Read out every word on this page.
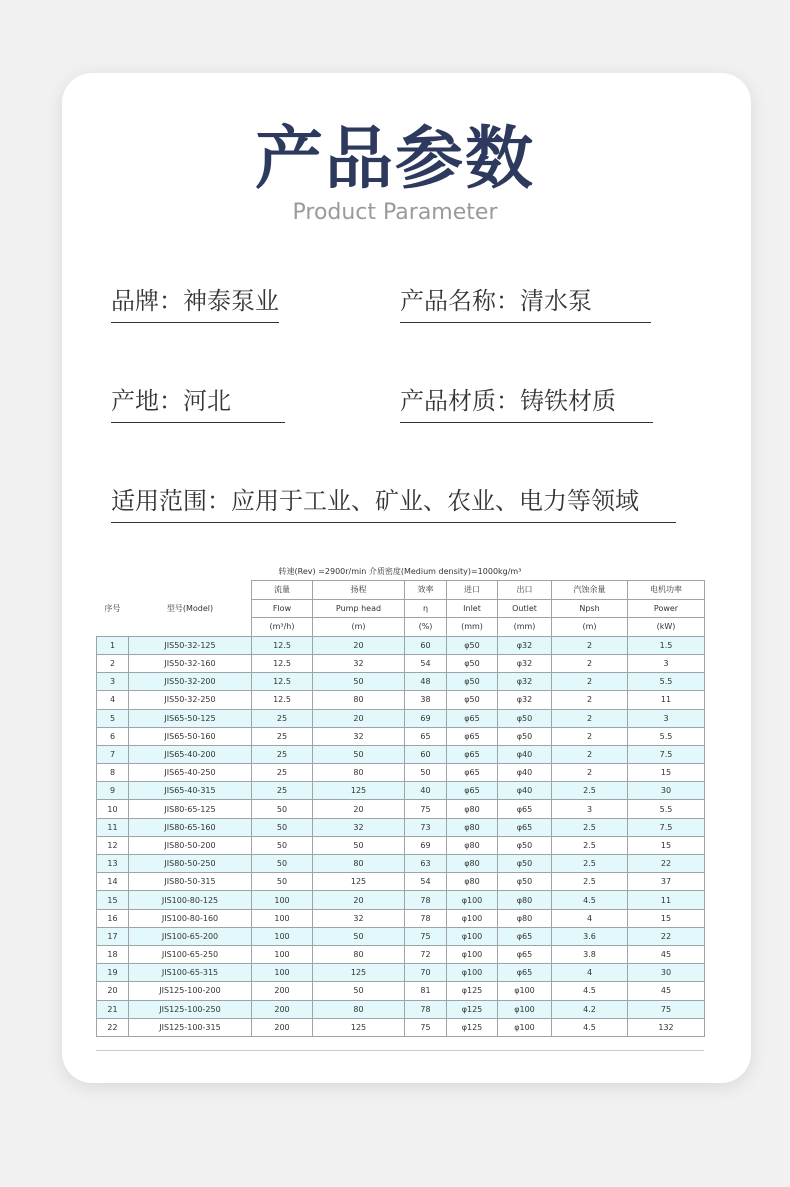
产品参数
Product Parameter
品牌：神泰泵业	产品名称：清水泵
产地：河北	产品材质：铸铁材质
适用范围：应用于工业、矿业、农业、电力等领域
转速(Rev) =2900r/min 介质密度(Medium density)=1000kg/m³
序号	型号(Model)	流量	扬程	效率	进口	出口	汽蚀余量	电机功率
		Flow	Pump head	η	Inlet	Outlet	Npsh	Power
		(m³/h)	(m)	(%)	(mm)	(mm)	(m)	(kW)
1	JIS50-32-125	12.5	20	60	φ50	φ32	2	1.5
2	JIS50-32-160	12.5	32	54	φ50	φ32	2	3
3	JIS50-32-200	12.5	50	48	φ50	φ32	2	5.5
4	JIS50-32-250	12.5	80	38	φ50	φ32	2	11
5	JIS65-50-125	25	20	69	φ65	φ50	2	3
6	JIS65-50-160	25	32	65	φ65	φ50	2	5.5
7	JIS65-40-200	25	50	60	φ65	φ40	2	7.5
8	JIS65-40-250	25	80	50	φ65	φ40	2	15
9	JIS65-40-315	25	125	40	φ65	φ40	2.5	30
10	JIS80-65-125	50	20	75	φ80	φ65	3	5.5
11	JIS80-65-160	50	32	73	φ80	φ65	2.5	7.5
12	JIS80-50-200	50	50	69	φ80	φ50	2.5	15
13	JIS80-50-250	50	80	63	φ80	φ50	2.5	22
14	JIS80-50-315	50	125	54	φ80	φ50	2.5	37
15	JIS100-80-125	100	20	78	φ100	φ80	4.5	11
16	JIS100-80-160	100	32	78	φ100	φ80	4	15
17	JIS100-65-200	100	50	75	φ100	φ65	3.6	22
18	JIS100-65-250	100	80	72	φ100	φ65	3.8	45
19	JIS100-65-315	100	125	70	φ100	φ65	4	30
20	JIS125-100-200	200	50	81	φ125	φ100	4.5	45
21	JIS125-100-250	200	80	78	φ125	φ100	4.2	75
22	JIS125-100-315	200	125	75	φ125	φ100	4.5	132
